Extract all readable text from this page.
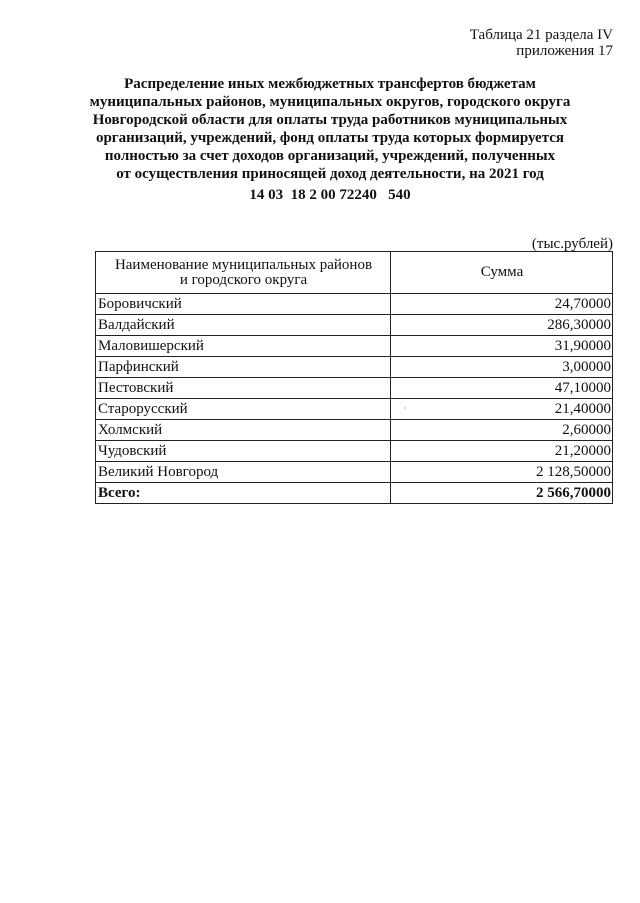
Таблица 21 раздела IV
приложения 17
Распределение иных межбюджетных трансфертов бюджетам
муниципальных районов, муниципальных округов, городского округа
Новгородской области для оплаты труда работников муниципальных
организаций, учреждений, фонд оплаты труда которых формируется
полностью за счет доходов организаций, учреждений, полученных
от осуществления приносящей доход деятельности, на 2021 год
14 03  18 2 00 72240   540
(тыс.рублей)
Наименование муниципальных районов
и городского округа	Сумма
Боровичский	24,70000
Валдайский	286,30000
Маловишерский	31,90000
Парфинский	3,00000
Пестовский	47,10000
Старорусский	21,40000
Холмский	2,60000
Чудовский	21,20000
Великий Новгород	2 128,50000
Всего:	2 566,70000
